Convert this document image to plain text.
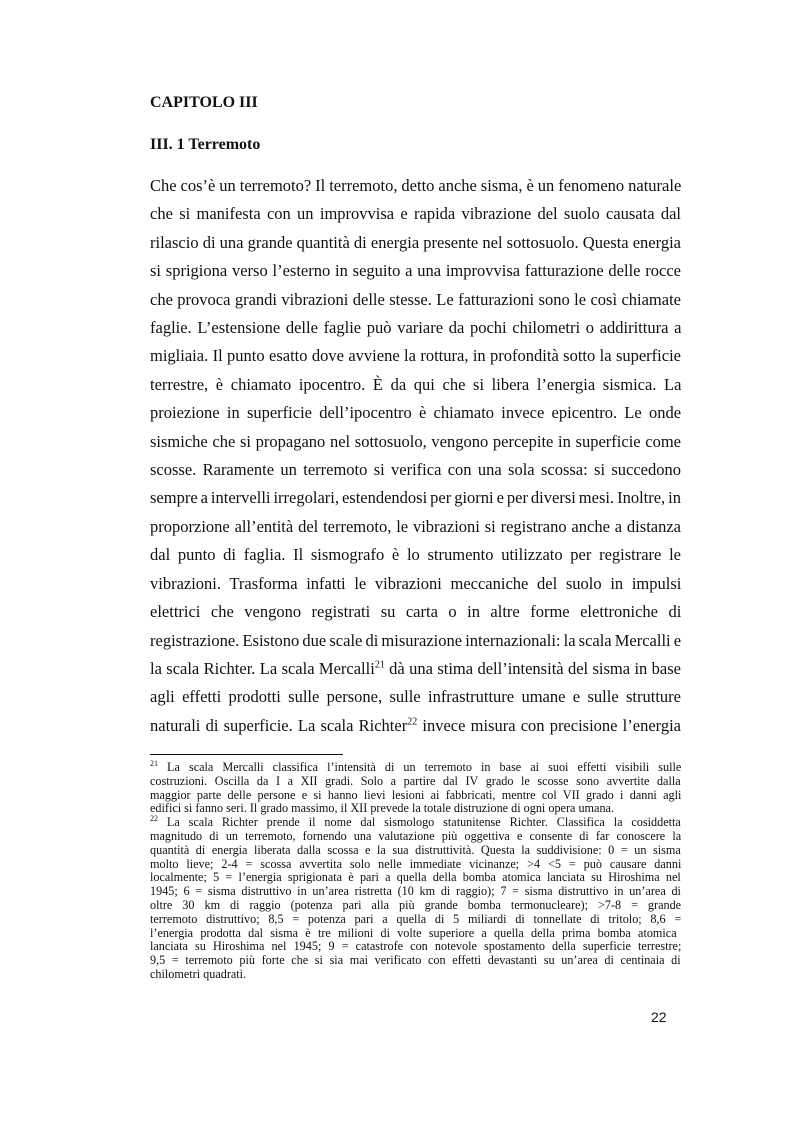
CAPITOLO III
III. 1 Terremoto
Che cos’è un terremoto? Il terremoto, detto anche sisma, è un fenomeno naturale
che si manifesta con un improvvisa e rapida vibrazione del suolo causata dal
rilascio di una grande quantità di energia presente nel sottosuolo. Questa energia
si sprigiona verso l’esterno in seguito a una improvvisa fatturazione delle rocce
che provoca grandi vibrazioni delle stesse. Le fatturazioni sono le così chiamate
faglie. L’estensione delle faglie può variare da pochi chilometri o addirittura a
migliaia. Il punto esatto dove avviene la rottura, in profondità sotto la superficie
terrestre, è chiamato ipocentro. È da qui che si libera l’energia sismica. La
proiezione in superficie dell’ipocentro è chiamato invece epicentro. Le onde
sismiche che si propagano nel sottosuolo, vengono percepite in superficie come
scosse. Raramente un terremoto si verifica con una sola scossa: si succedono
sempre a intervelli irregolari, estendendosi per giorni e per diversi mesi. Inoltre, in
proporzione all’entità del terremoto, le vibrazioni si registrano anche a distanza
dal punto di faglia. Il sismografo è lo strumento utilizzato per registrare le
vibrazioni. Trasforma infatti le vibrazioni meccaniche del suolo in impulsi
elettrici che vengono registrati su carta o in altre forme elettroniche di
registrazione. Esistono due scale di misurazione internazionali: la scala Mercalli e
la scala Richter. La scala Mercalli$^{21}$ dà una stima dell’intensità del sisma in base
agli effetti prodotti sulle persone, sulle infrastrutture umane e sulle strutture
naturali di superficie. La scala Richter$^{22}$ invece misura con precisione l’energia
$^{21}$ La scala Mercalli classifica l’intensità di un terremoto in base ai suoi effetti visibili sulle
costruzioni. Oscilla da I a XII gradi. Solo a partire dal IV grado le scosse sono avvertite dalla
maggior parte delle persone e si hanno lievi lesioni ai fabbricati, mentre col VII grado i danni agli
edifici si fanno seri. Il grado massimo, il XII prevede la totale distruzione di ogni opera umana.
$^{22}$ La scala Richter prende il nome dal sismologo statunitense Richter. Classifica la cosiddetta
magnitudo di un terremoto, fornendo una valutazione più oggettiva e consente di far conoscere la
quantità di energia liberata dalla scossa e la sua distruttività. Questa la suddivisione: 0 = un sisma
molto lieve; 2-4 = scossa avvertita solo nelle immediate vicinanze; >4 <5 = può causare danni
localmente; 5 = l’energia sprigionata è pari a quella della bomba atomica lanciata su Hiroshima nel
1945; 6 = sisma distruttivo in un’area ristretta (10 km di raggio); 7 = sisma distruttivo in un’area di
oltre 30 km di raggio (potenza pari alla più grande bomba termonucleare); >7-8 = grande
terremoto distruttivo; 8,5 = potenza pari a quella di 5 miliardi di tonnellate di tritolo; 8,6 =
l’energia prodotta dal sisma è tre milioni di volte superiore a quella della prima bomba atomica
lanciata su Hiroshima nel 1945; 9 = catastrofe con notevole spostamento della superficie terrestre;
9,5 = terremoto più forte che si sia mai verificato con effetti devastanti su un’area di centinaia di
chilometri quadrati.
22
